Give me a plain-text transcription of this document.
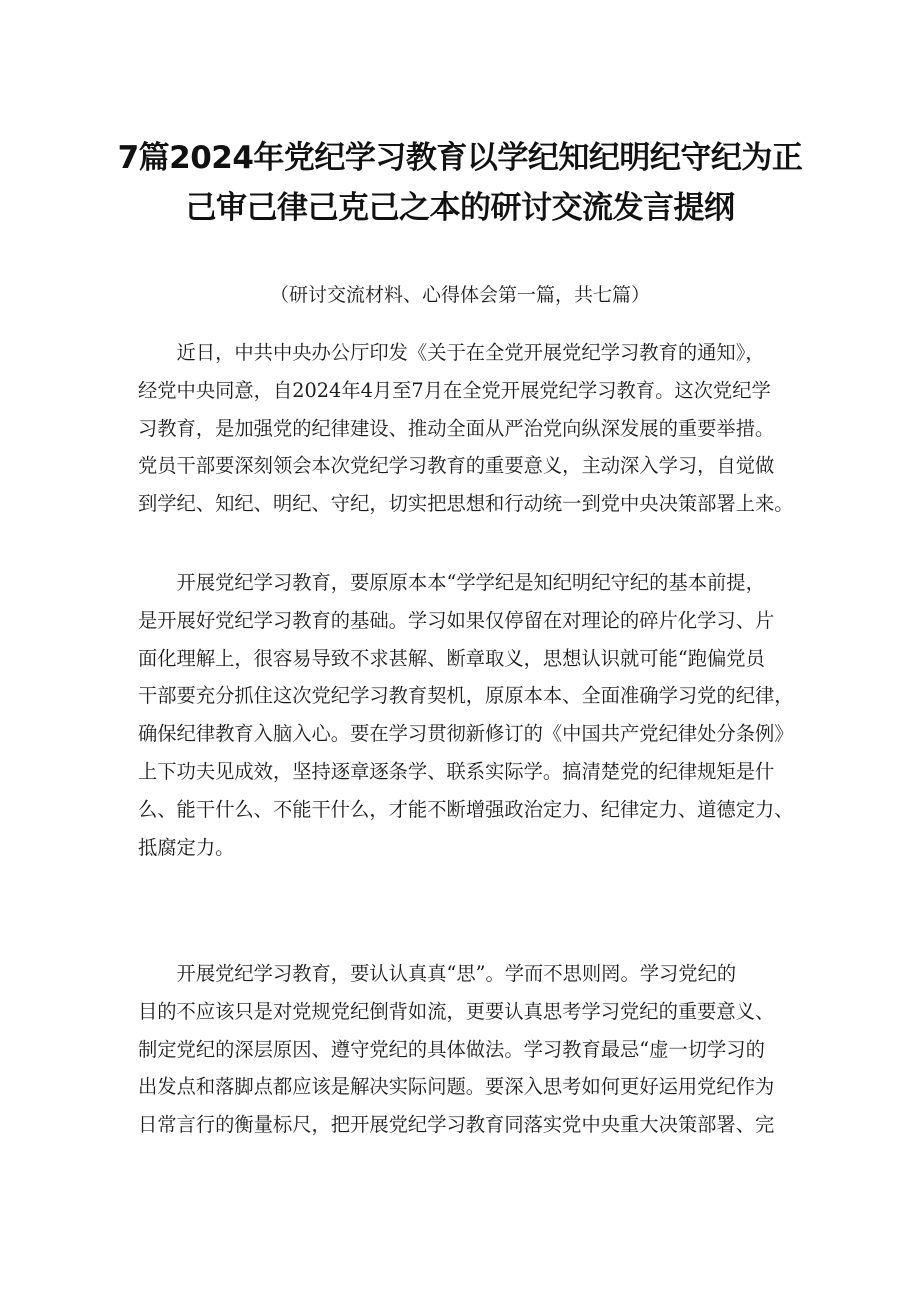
7篇2024年党纪学习教育以学纪知纪明纪守纪为正
己审己律己克己之本的研讨交流发言提纲
（研讨交流材料、心得体会第一篇，共七篇）
　　近日，中共中央办公厅印发《关于在全党开展党纪学习教育的通知》，
经党中央同意，自2024年4月至7月在全党开展党纪学习教育。这次党纪学
习教育，是加强党的纪律建设、推动全面从严治党向纵深发展的重要举措。
党员干部要深刻领会本次党纪学习教育的重要意义，主动深入学习，自觉做
到学纪、知纪、明纪、守纪，切实把思想和行动统一到党中央决策部署上来。
　　开展党纪学习教育，要原原本本“学学纪是知纪明纪守纪的基本前提，
是开展好党纪学习教育的基础。学习如果仅停留在对理论的碎片化学习、片
面化理解上，很容易导致不求甚解、断章取义，思想认识就可能“跑偏党员
干部要充分抓住这次党纪学习教育契机，原原本本、全面准确学习党的纪律，
确保纪律教育入脑入心。要在学习贯彻新修订的《中国共产党纪律处分条例》
上下功夫见成效，坚持逐章逐条学、联系实际学。搞清楚党的纪律规矩是什
么、能干什么、不能干什么，才能不断增强政治定力、纪律定力、道德定力、
抵腐定力。
　　开展党纪学习教育，要认认真真“思”。学而不思则罔。学习党纪的
目的不应该只是对党规党纪倒背如流，更要认真思考学习党纪的重要意义、
制定党纪的深层原因、遵守党纪的具体做法。学习教育最忌“虚一切学习的
出发点和落脚点都应该是解决实际问题。要深入思考如何更好运用党纪作为
日常言行的衡量标尺，把开展党纪学习教育同落实党中央重大决策部署、完
